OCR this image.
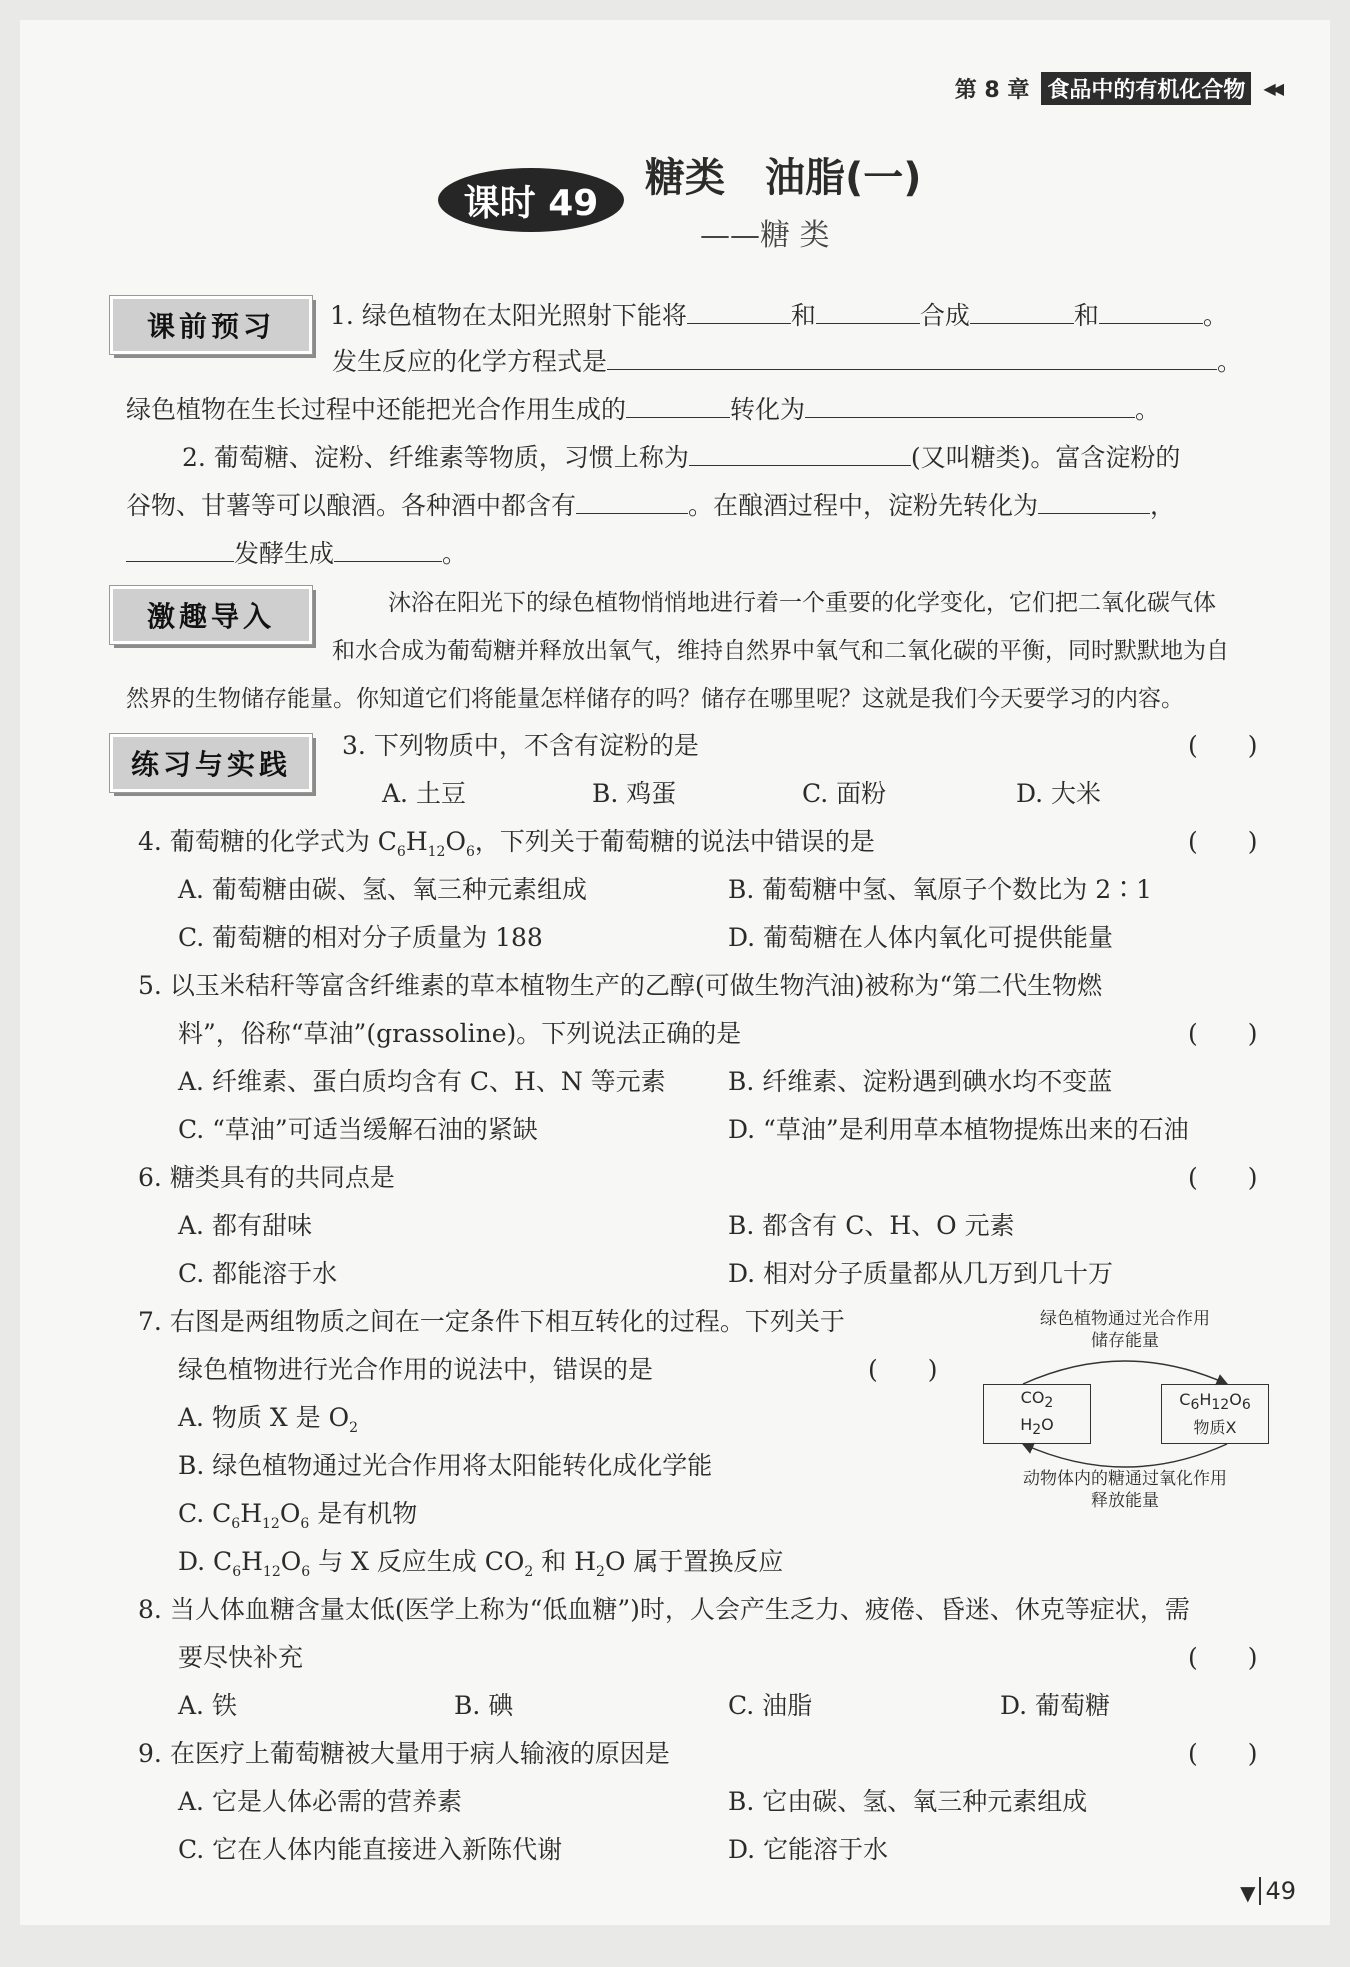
第 8 章 食品中的有机化合物	◀◀
课时 49
糖类　油脂(一)
——糖 类
课前预习	1. 绿色植物在太阳光照射下能将	和	合成	和	。
发生反应的化学方程式是	。
绿色植物在生长过程中还能把光合作用生成的	转化为	。
2. 葡萄糖、淀粉、纤维素等物质，习惯上称为	(又叫糖类)。富含淀粉的
谷物、甘薯等可以酿酒。各种酒中都含有	。在酿酒过程中，淀粉先转化为	，
发酵生成	。
激趣导入	沐浴在阳光下的绿色植物悄悄地进行着一个重要的化学变化，它们把二氧化碳气体
和水合成为葡萄糖并释放出氧气，维持自然界中氧气和二氧化碳的平衡，同时默默地为自
然界的生物储存能量。你知道它们将能量怎样储存的吗？储存在哪里呢？这就是我们今天要学习的内容。
练习与实践
3. 下列物质中，不含有淀粉的是	(　　)
A. 土豆	B. 鸡蛋	C. 面粉	D. 大米
4. 葡萄糖的化学式为 $C_6H_{12}O_6$，下列关于葡萄糖的说法中错误的是	(　　)
A. 葡萄糖由碳、氢、氧三种元素组成	B. 葡萄糖中氢、氧原子个数比为 2∶1
C. 葡萄糖的相对分子质量为 188	D. 葡萄糖在人体内氧化可提供能量
5. 以玉米秸秆等富含纤维素的草本植物生产的乙醇(可做生物汽油)被称为“第二代生物燃
料”，俗称“草油”(grassoline)。下列说法正确的是	(　　)
A. 纤维素、蛋白质均含有 C、H、N 等元素 B. 纤维素、淀粉遇到碘水均不变蓝
C. “草油”可适当缓解石油的紧缺	D. “草油”是利用草本植物提炼出来的石油
6. 糖类具有的共同点是	(　　)
A. 都有甜味	B. 都含有 C、H、O 元素
C. 都能溶于水	D. 相对分子质量都从几万到几十万
7. 右图是两组物质之间在一定条件下相互转化的过程。下列关于
绿色植物进行光合作用的说法中，错误的是	(　　)
A. 物质 X 是 $O_2$
B. 绿色植物通过光合作用将太阳能转化成化学能
C. $C_6H_{12}O_6$ 是有机物
D. $C_6H_{12}O_6$ 与 X 反应生成 $CO_2$ 和 $H_2O$ 属于置换反应
绿色植物通过光合作用
储存能量
$CO_2$
$H_2O$
$C_6H_{12}O_6$
物质X
动物体内的糖通过氧化作用
释放能量
8. 当人体血糖含量太低(医学上称为“低血糖”)时，人会产生乏力、疲倦、昏迷、休克等症状，需
要尽快补充	(　　)
A. 铁	B. 碘	C. 油脂	D. 葡萄糖
9. 在医疗上葡萄糖被大量用于病人输液的原因是	(　　)
A. 它是人体必需的营养素	B. 它由碳、氢、氧三种元素组成
C. 它在人体内能直接进入新陈代谢	D. 它能溶于水
▼ 49
